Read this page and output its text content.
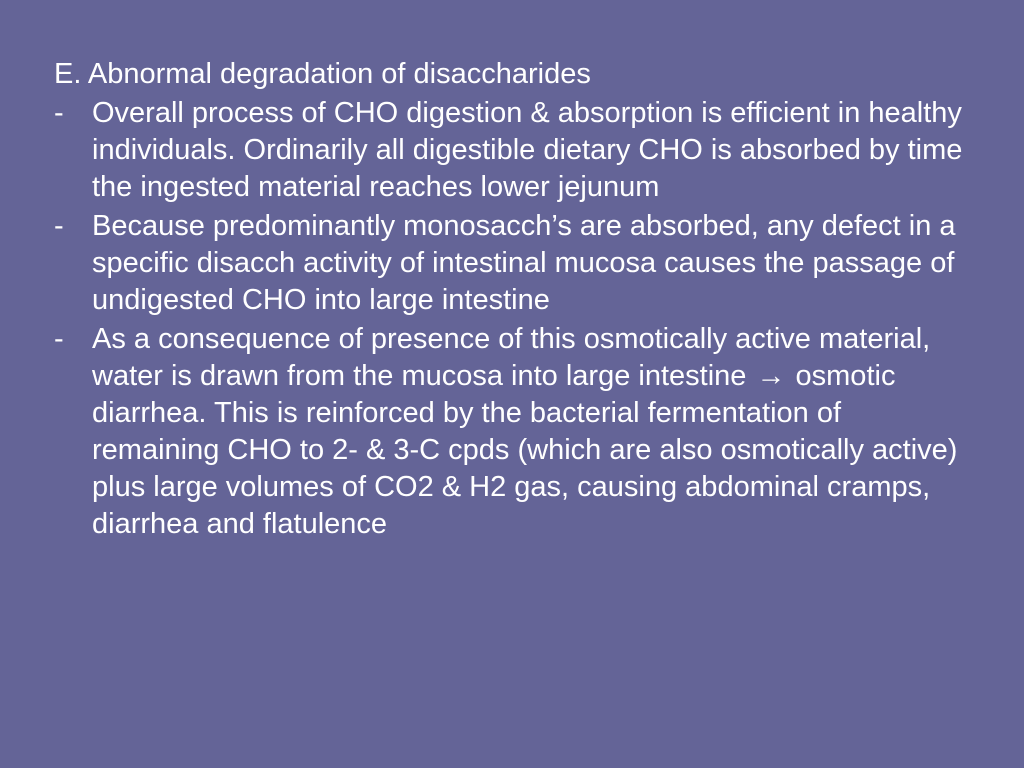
E. Abnormal degradation of disaccharides
- Overall process of CHO digestion & absorption is efficient in healthy individuals. Ordinarily all digestible dietary CHO is absorbed by time the ingested material reaches lower jejunum
- Because predominantly monosacch’s are absorbed, any defect in a specific disacch activity of intestinal mucosa causes the passage of undigested CHO into large intestine
- As a consequence of presence of this osmotically active material, water is drawn from the mucosa into large intestine → osmotic diarrhea. This is reinforced by the bacterial fermentation of remaining CHO to 2- & 3-C cpds (which are also osmotically active) plus large volumes of CO2 & H2 gas, causing abdominal cramps, diarrhea and flatulence
